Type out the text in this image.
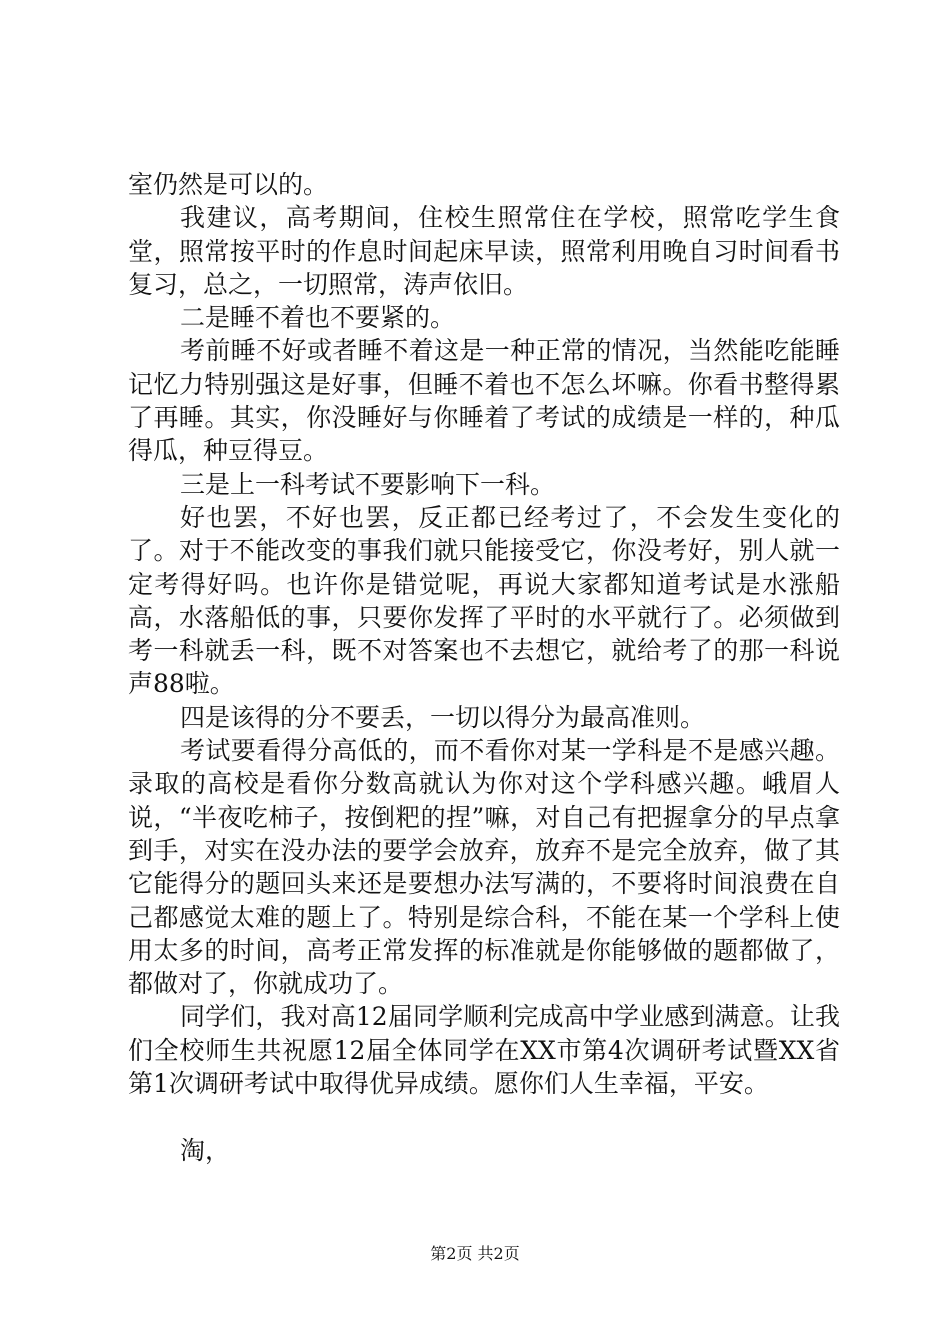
室仍然是可以的。

我建议，高考期间，住校生照常住在学校，照常吃学生食堂，照常按平时的作息时间起床早读，照常利用晚自习时间看书复习，总之，一切照常，涛声依旧。

二是睡不着也不要紧的。

考前睡不好或者睡不着这是一种正常的情况，当然能吃能睡记忆力特别强这是好事，但睡不着也不怎么坏嘛。你看书整得累了再睡。其实，你没睡好与你睡着了考试的成绩是一样的，种瓜得瓜，种豆得豆。

三是上一科考试不要影响下一科。

好也罢，不好也罢，反正都已经考过了，不会发生变化的了。对于不能改变的事我们就只能接受它，你没考好，别人就一定考得好吗。也许你是错觉呢，再说大家都知道考试是水涨船高，水落船低的事，只要你发挥了平时的水平就行了。必须做到考一科就丢一科，既不对答案也不去想它，就给考了的那一科说声88啦。

四是该得的分不要丢，一切以得分为最高准则。

考试要看得分高低的，而不看你对某一学科是不是感兴趣。录取的高校是看你分数高就认为你对这个学科感兴趣。峨眉人说，“半夜吃柿子，按倒粑的捏”嘛，对自己有把握拿分的早点拿到手，对实在没办法的要学会放弃，放弃不是完全放弃，做了其它能得分的题回头来还是要想办法写满的，不要将时间浪费在自己都感觉太难的题上了。特别是综合科，不能在某一个学科上使用太多的时间，高考正常发挥的标准就是你能够做的题都做了，都做对了，你就成功了。

同学们，我对高12届同学顺利完成高中学业感到满意。让我们全校师生共祝愿12届全体同学在XX市第4次调研考试暨XX省第1次调研考试中取得优异成绩。愿你们人生幸福，平安。

淘，

第2页 共2页
